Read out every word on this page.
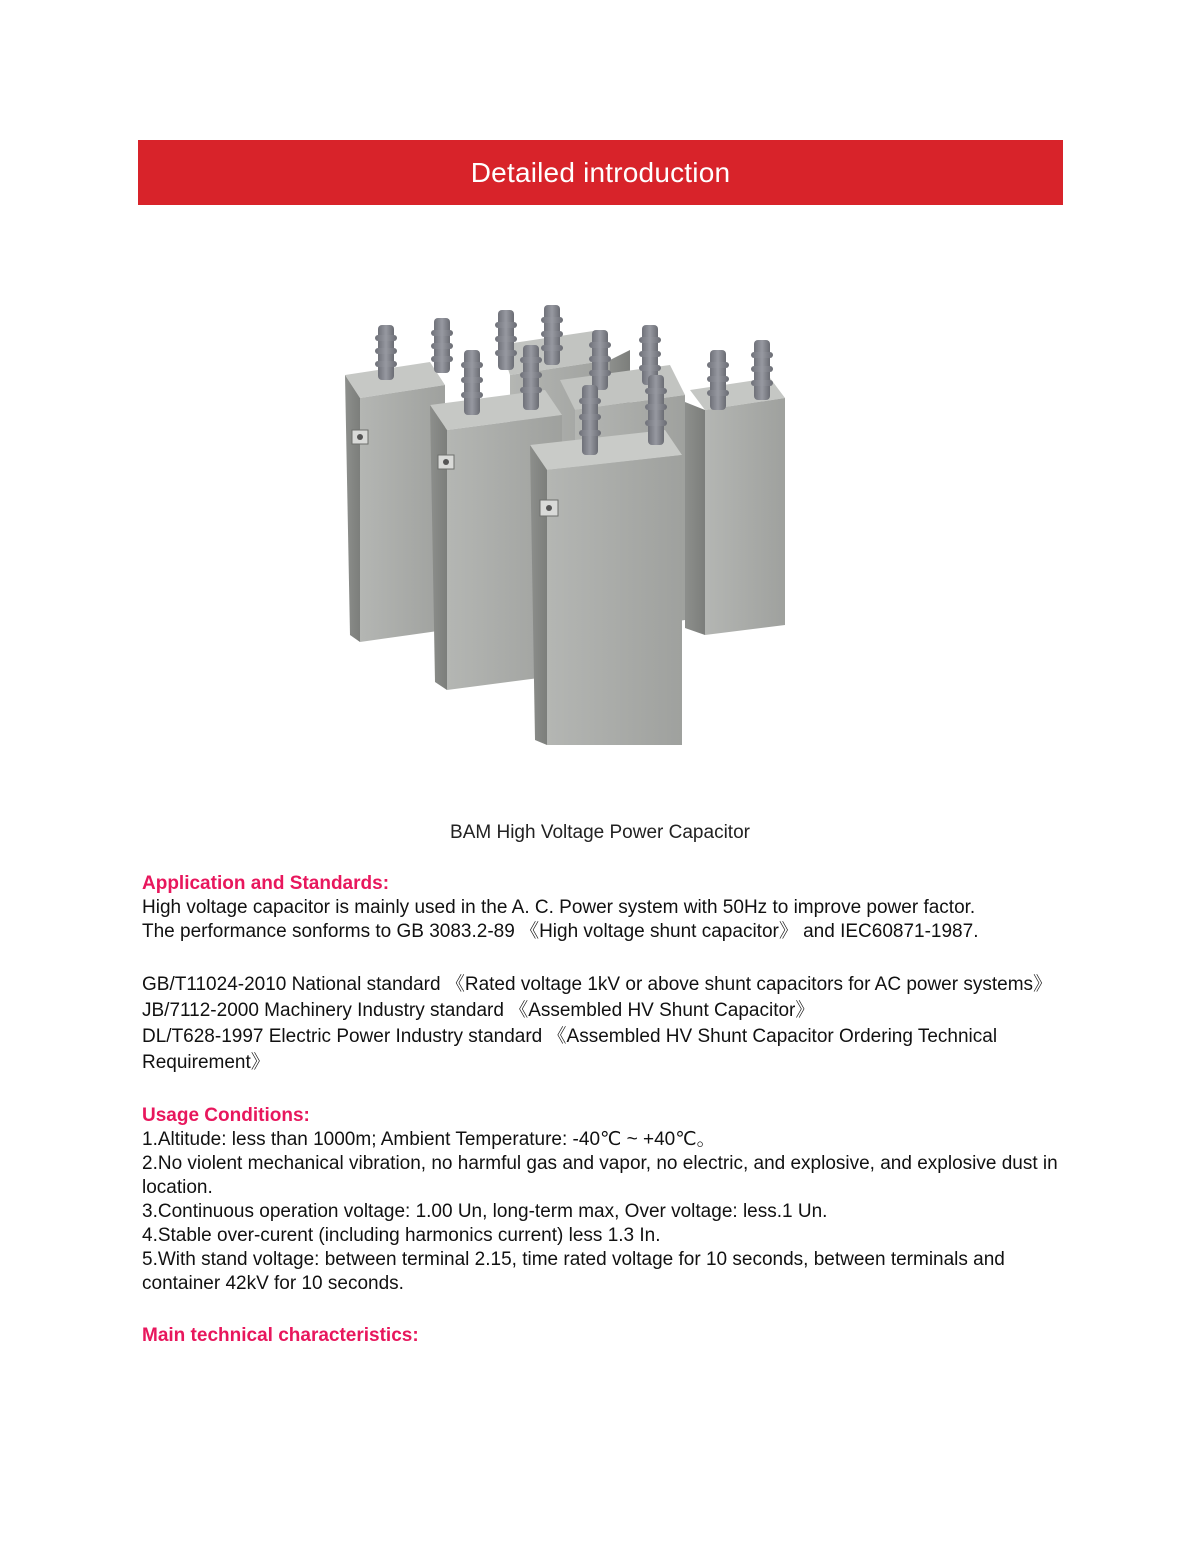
Detailed introduction
BAM High Voltage Power Capacitor

Application and Standards:

High voltage capacitor is mainly used in the A. C. Power system with 50Hz to improve power factor.

The performance sonforms to GB 3083.2-89 《High voltage shunt capacitor》 and IEC60871-1987.

GB/T11024-2010 National standard 《Rated voltage 1kV or above shunt capacitors for AC power systems》

JB/7112-2000 Machinery Industry standard 《Assembled HV Shunt Capacitor》

DL/T628-1997 Electric Power Industry standard 《Assembled HV Shunt Capacitor Ordering Technical Requirement》

Usage Conditions:

1.Altitude: less than 1000m; Ambient Temperature: -40℃ ~ +40℃。

2.No violent mechanical vibration, no harmful gas and vapor, no electric, and explosive, and explosive dust in location.

3.Continuous operation voltage: 1.00 Un, long-term max, Over voltage: less.1 Un.

4.Stable over-curent (including harmonics current) less 1.3 In.

5.With stand voltage: between terminal 2.15, time rated voltage for 10 seconds, between terminals and container 42kV for 10 seconds.

Main technical characteristics:
